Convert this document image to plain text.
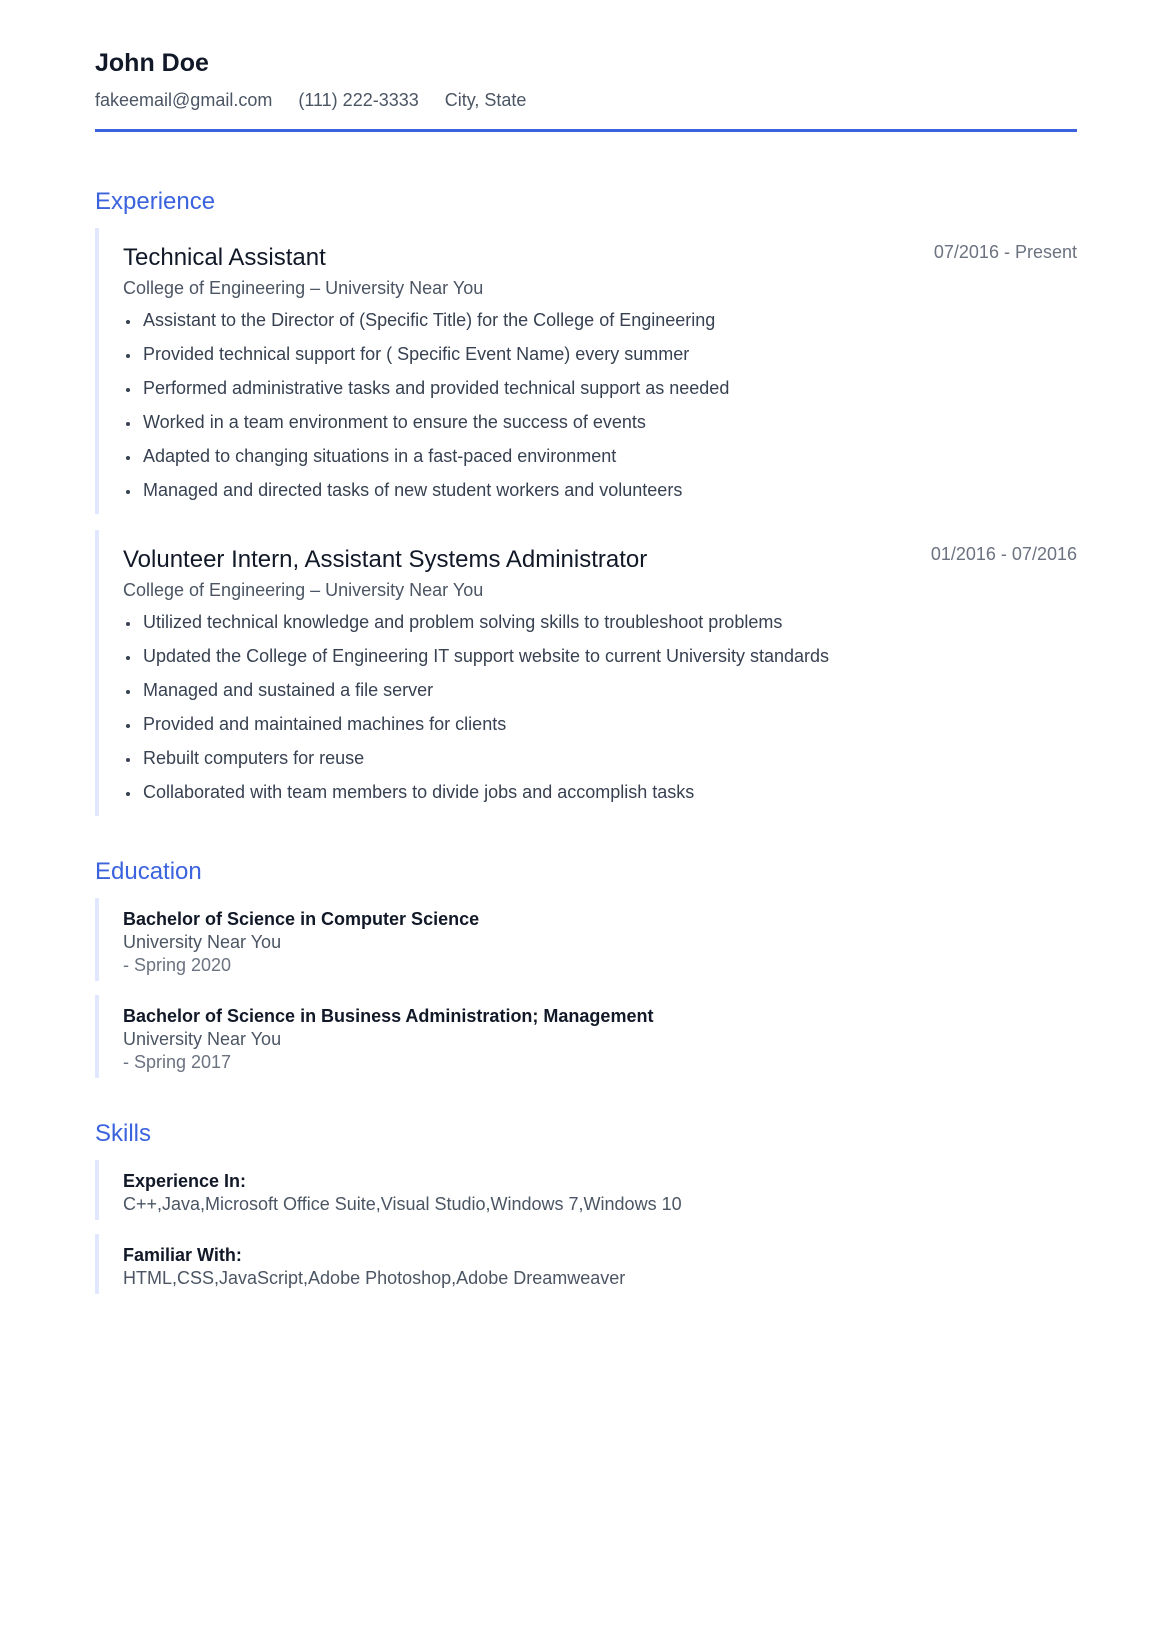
John Doe
fakeemail@gmail.com (111) 222-3333 City, State
Experience
Technical Assistant	07/2016 - Present
College of Engineering – University Near You
Assistant to the Director of (Specific Title) for the College of Engineering
Provided technical support for ( Specific Event Name) every summer
Performed administrative tasks and provided technical support as needed
Worked in a team environment to ensure the success of events
Adapted to changing situations in a fast-paced environment
Managed and directed tasks of new student workers and volunteers
Volunteer Intern, Assistant Systems Administrator	01/2016 - 07/2016
College of Engineering – University Near You
Utilized technical knowledge and problem solving skills to troubleshoot problems
Updated the College of Engineering IT support website to current University standards
Managed and sustained a file server
Provided and maintained machines for clients
Rebuilt computers for reuse
Collaborated with team members to divide jobs and accomplish tasks
Education
Bachelor of Science in Computer Science
University Near You
- Spring 2020
Bachelor of Science in Business Administration; Management
University Near You
- Spring 2017
Skills
Experience In:
C++,Java,Microsoft Office Suite,Visual Studio,Windows 7,Windows 10
Familiar With:
HTML,CSS,JavaScript,Adobe Photoshop,Adobe Dreamweaver
